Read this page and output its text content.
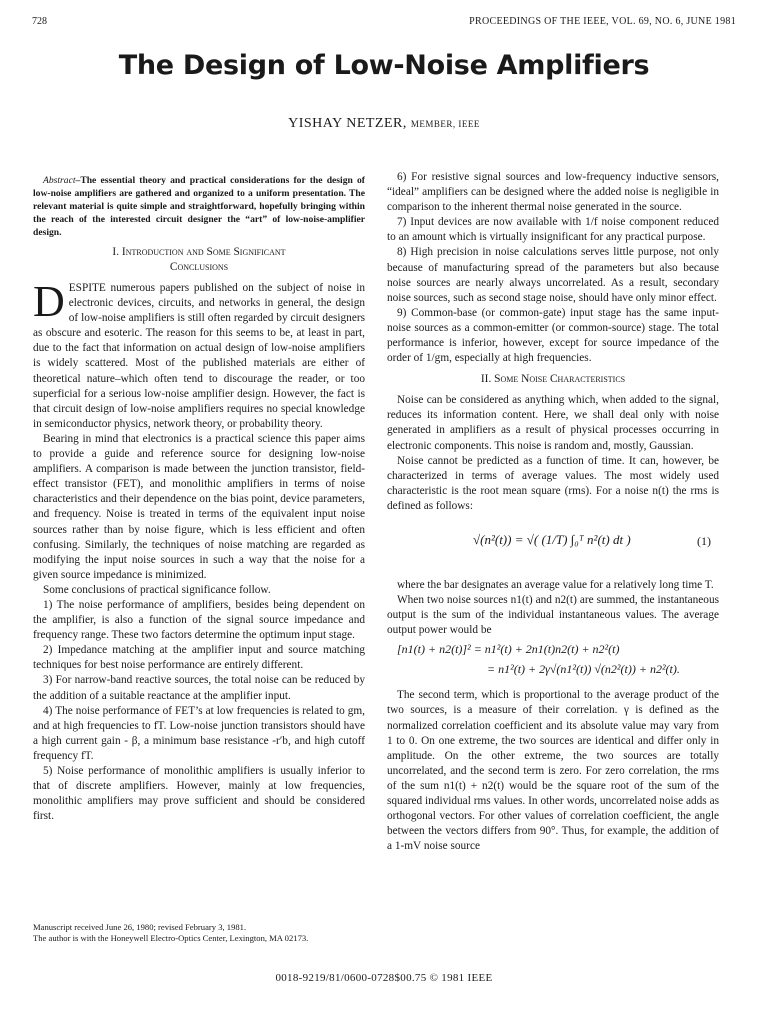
728	PROCEEDINGS OF THE IEEE, VOL. 69, NO. 6, JUNE 1981
The Design of Low-Noise Amplifiers
YISHAY NETZER, MEMBER, IEEE

Abstract–The essential theory and practical considerations for the design of low-noise amplifiers are gathered and organized to a uniform presentation. The relevant material is quite simple and straightforward, hopefully bringing within the reach of the interested circuit designer the “art” of low-noise-amplifier design.

I. Introduction and Some Significant
Conclusions

DESPITE numerous papers published on the subject of noise in electronic devices, circuits, and networks in general, the design of low-noise amplifiers is still often regarded by circuit designers as obscure and esoteric. The reason for this seems to be, at least in part, due to the fact that information on actual design of low-noise amplifiers is widely scattered. Most of the published materials are either of theoretical nature–which often tend to discourage the reader, or too superficial for a serious low-noise amplifier design. However, the fact is that circuit design of low-noise amplifiers requires no special knowledge in semiconductor physics, network theory, or probability theory.

Bearing in mind that electronics is a practical science this paper aims to provide a guide and reference source for designing low-noise amplifiers. A comparison is made between the junction transistor, field-effect transistor (FET), and monolithic amplifiers in terms of noise characteristics and their dependence on the bias point, device parameters, and frequency. Noise is treated in terms of the equivalent input noise sources rather than by noise figure, which is less efficient and often confusing. Similarly, the techniques of noise matching are regarded as modifying the input noise sources in such a way that the noise for a given source impedance is minimized.

Some conclusions of practical significance follow.

1) The noise performance of amplifiers, besides being dependent on the amplifier, is also a function of the signal source impedance and frequency range. These two factors determine the optimum input stage.

2) Impedance matching at the amplifier input and source matching techniques for best noise performance are entirely different.

3) For narrow-band reactive sources, the total noise can be reduced by the addition of a suitable reactance at the amplifier input.

4) The noise performance of FET’s at low frequencies is related to gm, and at high frequencies to fT. Low-noise junction transistors should have a high current gain - β, a minimum base resistance -r′b, and high cutoff frequency fT.

5) Noise performance of monolithic amplifiers is usually inferior to that of discrete amplifiers. However, mainly at low frequencies, monolithic amplifiers may prove sufficient and should be considered first.

Manuscript received June 26, 1980; revised February 3, 1981.

The author is with the Honeywell Electro-Optics Center, Lexington, MA 02173.

6) For resistive signal sources and low-frequency inductive sensors, “ideal” amplifiers can be designed where the added noise is negligible in comparison to the inherent thermal noise generated in the source.

7) Input devices are now available with 1/f noise component reduced to an amount which is virtually insignificant for any practical purpose.

8) High precision in noise calculations serves little purpose, not only because of manufacturing spread of the parameters but also because noise sources are nearly always uncorrelated. As a result, secondary noise sources, such as second stage noise, should have only minor effect.

9) Common-base (or common-gate) input stage has the same input-noise sources as a common-emitter (or common-source) stage. The total performance is inferior, however, except for source impedance of the order of 1/gm, especially at high frequencies.

II. Some Noise Characteristics

Noise can be considered as anything which, when added to the signal, reduces its information content. Here, we shall deal only with noise generated in amplifiers as a result of physical processes occurring in electronic components. This noise is random and, mostly, Gaussian.

Noise cannot be predicted as a function of time. It can, however, be characterized in terms of average values. The most widely used characteristic is the root mean square (rms). For a noise n(t) the rms is defined as follows:

√(n²(t)) = √( (1/T) ∫₀ᵀ n²(t) dt )	(1)

where the bar designates an average value for a relatively long time T.

When two noise sources n1(t) and n2(t) are summed, the instantaneous output is the sum of the individual instantaneous values. The average output power would be

[n1(t) + n2(t)]² = n1²(t) + 2n1(t)n2(t) + n2²(t)
= n1²(t) + 2γ√(n1²(t)) √(n2²(t)) + n2²(t).

The second term, which is proportional to the average product of the two sources, is a measure of their correlation. γ is defined as the normalized correlation coefficient and its absolute value may vary from 1 to 0. On one extreme, the two sources are identical and differ only in amplitude. On the other extreme, the two sources are totally uncorrelated, and the second term is zero. For zero correlation, the rms of the sum n1(t) + n2(t) would be the square root of the sum of the squared individual rms values. In other words, uncorrelated noise adds as orthogonal vectors. For other values of correlation coefficient, the angle between the vectors differs from 90°. Thus, for example, the addition of a 1-mV noise source

0018-9219/81/0600-0728$00.75 © 1981 IEEE
